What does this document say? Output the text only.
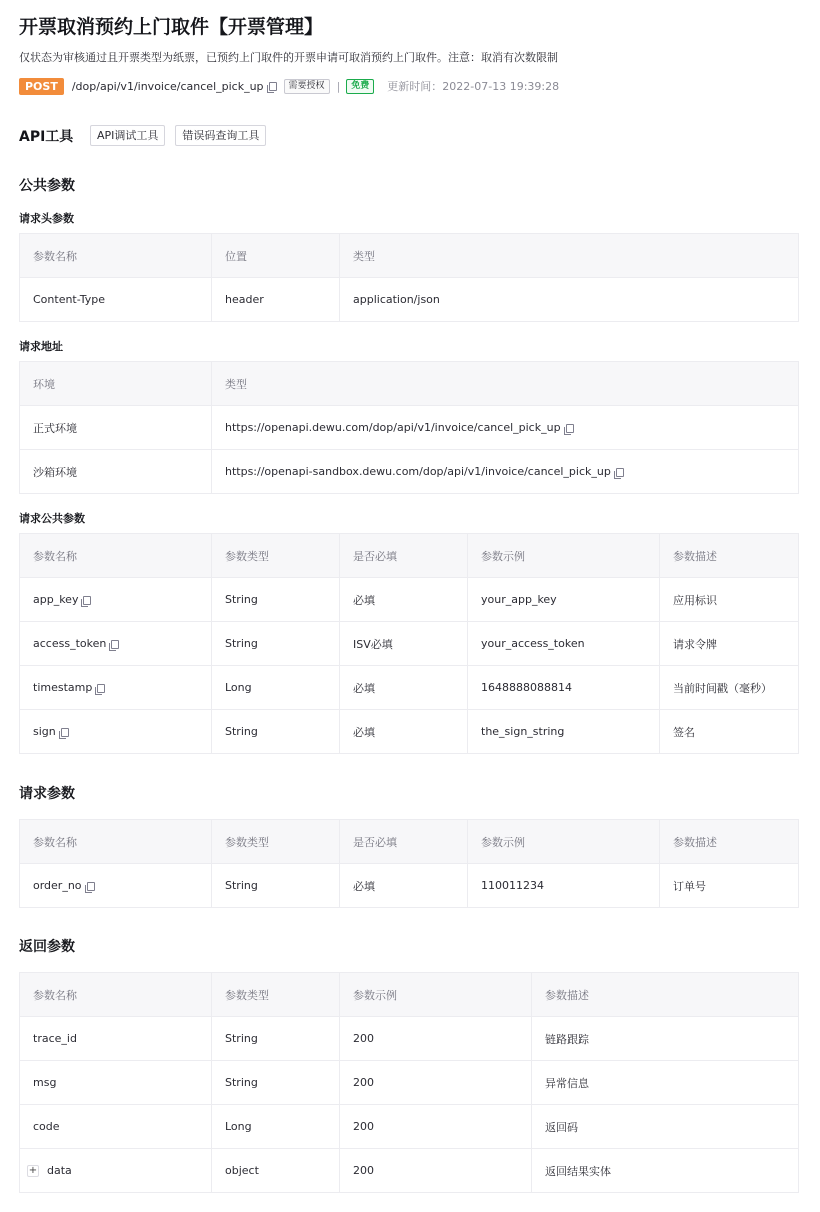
开票取消预约上门取件【开票管理】
仅状态为审核通过且开票类型为纸票，已预约上门取件的开票申请可取消预约上门取件。注意：取消有次数限制
POST	/dop/api/v1/invoice/cancel_pick_up	需要授权	|	免费	更新时间：2022-07-13 19:39:28
API工具	API调试工具	错误码查询工具
公共参数
请求头参数
参数名称	位置	类型
Content-Type	header	application/json
请求地址
环境	类型
正式环境	https://openapi.dewu.com/dop/api/v1/invoice/cancel_pick_up
沙箱环境	https://openapi-sandbox.dewu.com/dop/api/v1/invoice/cancel_pick_up
请求公共参数
参数名称	参数类型	是否必填	参数示例	参数描述
app_key	String	必填	your_app_key	应用标识
access_token	String	ISV必填	your_access_token	请求令牌
timestamp	Long	必填	1648888088814	当前时间戳（毫秒）
sign	String	必填	the_sign_string	签名
请求参数
参数名称	参数类型	是否必填	参数示例	参数描述
order_no	String	必填	110011234	订单号
返回参数
参数名称	参数类型	参数示例	参数描述
trace_id	String	200	链路跟踪
msg	String	200	异常信息
code	Long	200	返回码
+ data	object	200	返回结果实体
